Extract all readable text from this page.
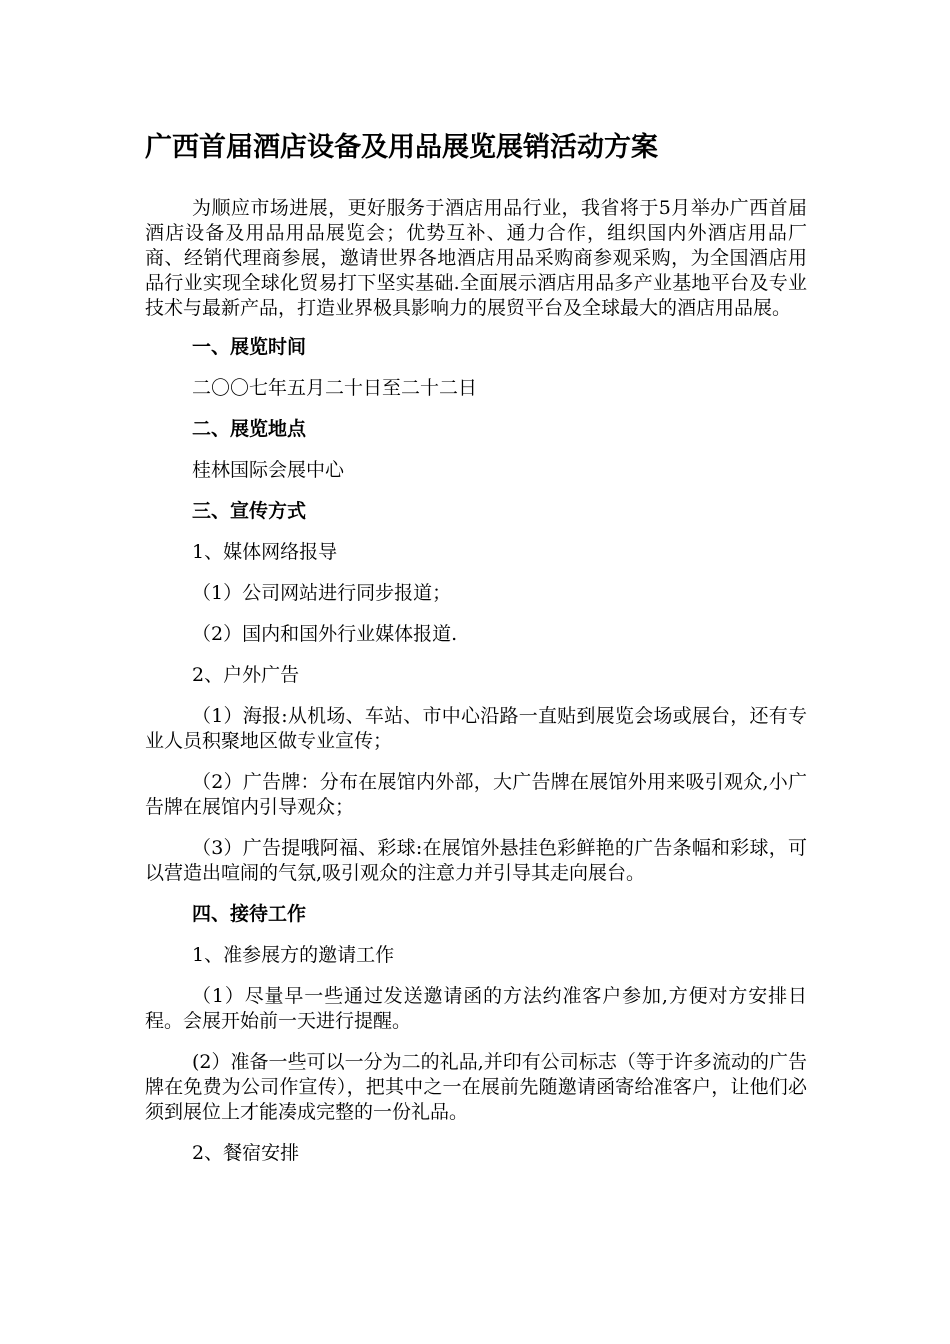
广西首届酒店设备及用品展览展销活动方案

为顺应市场进展，更好服务于酒店用品行业，我省将于5月举办广西首届酒店设备及用品用品展览会；优势互补、通力合作，组织国内外酒店用品厂商、经销代理商参展，邀请世界各地酒店用品采购商参观采购，为全国酒店用品行业实现全球化贸易打下坚实基础.全面展示酒店用品多产业基地平台及专业技术与最新产品，打造业界极具影响力的展贸平台及全球最大的酒店用品展。

一、展览时间

二〇〇七年五月二十日至二十二日

二、展览地点

桂林国际会展中心

三、宣传方式

1、媒体网络报导

（1）公司网站进行同步报道；

（2）国内和国外行业媒体报道.

2、户外广告

（1）海报:从机场、车站、市中心沿路一直贴到展览会场或展台，还有专业人员积聚地区做专业宣传；

（2）广告牌：分布在展馆内外部，大广告牌在展馆外用来吸引观众,小广告牌在展馆内引导观众；

（3）广告提哦阿福、彩球:在展馆外悬挂色彩鲜艳的广告条幅和彩球，可以营造出喧闹的气氛,吸引观众的注意力并引导其走向展台。

四、接待工作

1、准参展方的邀请工作

（1）尽量早一些通过发送邀请函的方法约准客户参加,方便对方安排日程。会展开始前一天进行提醒。

(2）准备一些可以一分为二的礼品,并印有公司标志（等于许多流动的广告牌在免费为公司作宣传），把其中之一在展前先随邀请函寄给准客户，让他们必须到展位上才能凑成完整的一份礼品。

2、餐宿安排
